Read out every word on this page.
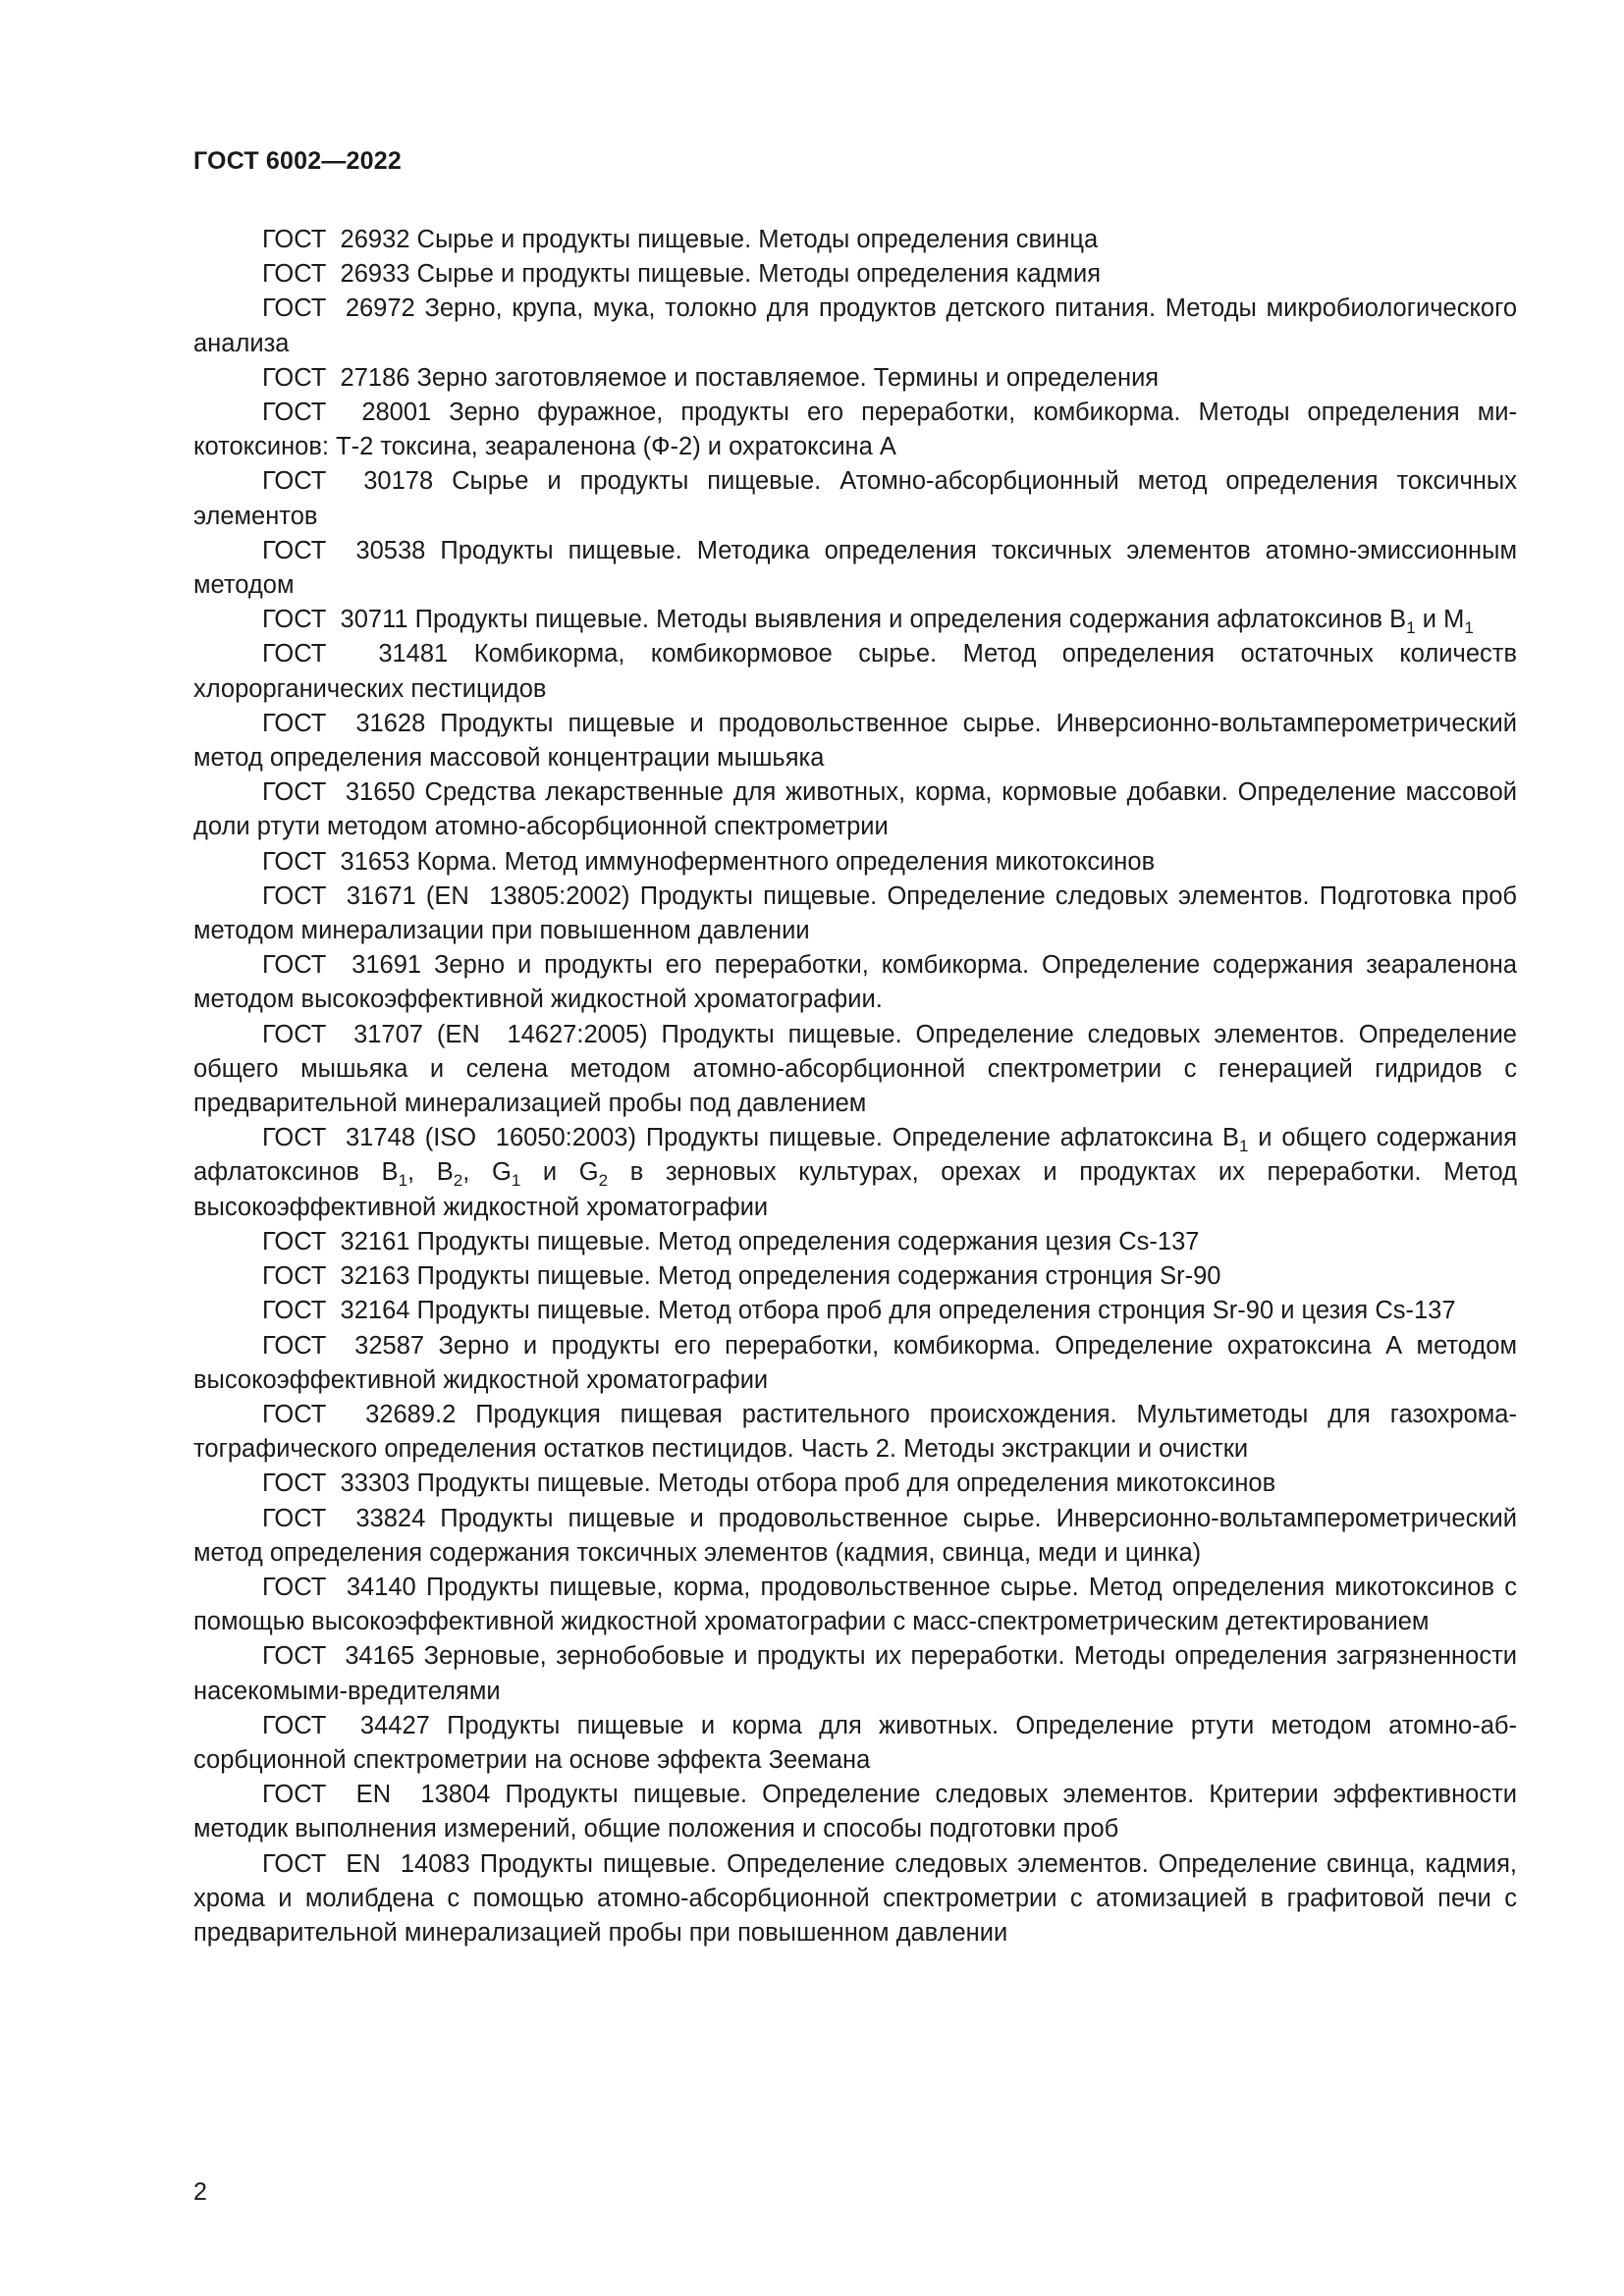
ГОСТ 6002—2022

ГОСТ  26932 Сырье и продукты пищевые. Методы определения свинца

ГОСТ  26933 Сырье и продукты пищевые. Методы определения кадмия

ГОСТ  26972 Зерно, крупа, мука, толокно для продуктов детского питания. Методы микробиологического анализа

ГОСТ  27186 Зерно заготовляемое и поставляемое. Термины и определения

ГОСТ  28001 Зерно фуражное, продукты его переработки, комбикорма. Методы определения микотоксинов: Т-2 токсина, зеараленона (Ф-2) и охратоксина А

ГОСТ  30178 Сырье и продукты пищевые. Атомно-абсорбционный метод определения токсичных элементов

ГОСТ  30538 Продукты пищевые. Методика определения токсичных элементов атомно-эмиссионным методом

ГОСТ  30711 Продукты пищевые. Методы выявления и определения содержания афлатоксинов $В_1$ и $М_1$

ГОСТ  31481 Комбикорма, комбикормовое сырье. Метод определения остаточных количеств хлорорганических пестицидов

ГОСТ  31628 Продукты пищевые и продовольственное сырье. Инверсионно-вольтамперометрический метод определения массовой концентрации мышьяка

ГОСТ  31650 Средства лекарственные для животных, корма, кормовые добавки. Определение массовой доли ртути методом атомно-абсорбционной спектрометрии

ГОСТ  31653 Корма. Метод иммуноферментного определения микотоксинов

ГОСТ  31671 (EN  13805:2002) Продукты пищевые. Определение следовых элементов. Подготовка проб методом минерализации при повышенном давлении

ГОСТ  31691 Зерно и продукты его переработки, комбикорма. Определение содержания зеараленона методом высокоэффективной жидкостной хроматографии.

ГОСТ  31707 (EN  14627:2005) Продукты пищевые. Определение следовых элементов. Определение общего мышьяка и селена методом атомно-абсорбционной спектрометрии с генерацией гидридов с предварительной минерализацией пробы под давлением

ГОСТ  31748 (ISO  16050:2003) Продукты пищевые. Определение афлатоксина $В_1$ и общего содержания афлатоксинов $В_1$, $В_2$, $G_1$ и $G_2$ в зерновых культурах, орехах и продуктах их переработки. Метод высокоэффективной жидкостной хроматографии

ГОСТ  32161 Продукты пищевые. Метод определения содержания цезия Cs-137

ГОСТ  32163 Продукты пищевые. Метод определения содержания стронция Sr-90

ГОСТ  32164 Продукты пищевые. Метод отбора проб для определения стронция Sr-90 и цезия Cs-137

ГОСТ  32587 Зерно и продукты его переработки, комбикорма. Определение охратоксина А методом высокоэффективной жидкостной хроматографии

ГОСТ  32689.2 Продукция пищевая растительного происхождения. Мультиметоды для газохроматографического определения остатков пестицидов. Часть 2. Методы экстракции и очистки

ГОСТ  33303 Продукты пищевые. Методы отбора проб для определения микотоксинов

ГОСТ  33824 Продукты пищевые и продовольственное сырье. Инверсионно-вольтамперометрический метод определения содержания токсичных элементов (кадмия, свинца, меди и цинка)

ГОСТ  34140 Продукты пищевые, корма, продовольственное сырье. Метод определения микотоксинов с помощью высокоэффективной жидкостной хроматографии с масс-спектрометрическим детектированием

ГОСТ  34165 Зерновые, зернобобовые и продукты их переработки. Методы определения загрязненности насекомыми-вредителями

ГОСТ  34427 Продукты пищевые и корма для животных. Определение ртути методом атомно-абсорбционной спектрометрии на основе эффекта Зеемана

ГОСТ  EN  13804 Продукты пищевые. Определение следовых элементов. Критерии эффективности методик выполнения измерений, общие положения и способы подготовки проб

ГОСТ  EN  14083 Продукты пищевые. Определение следовых элементов. Определение свинца, кадмия, хрома и молибдена с помощью атомно-абсорбционной спектрометрии с атомизацией в графитовой печи с предварительной минерализацией пробы при повышенном давлении

2
